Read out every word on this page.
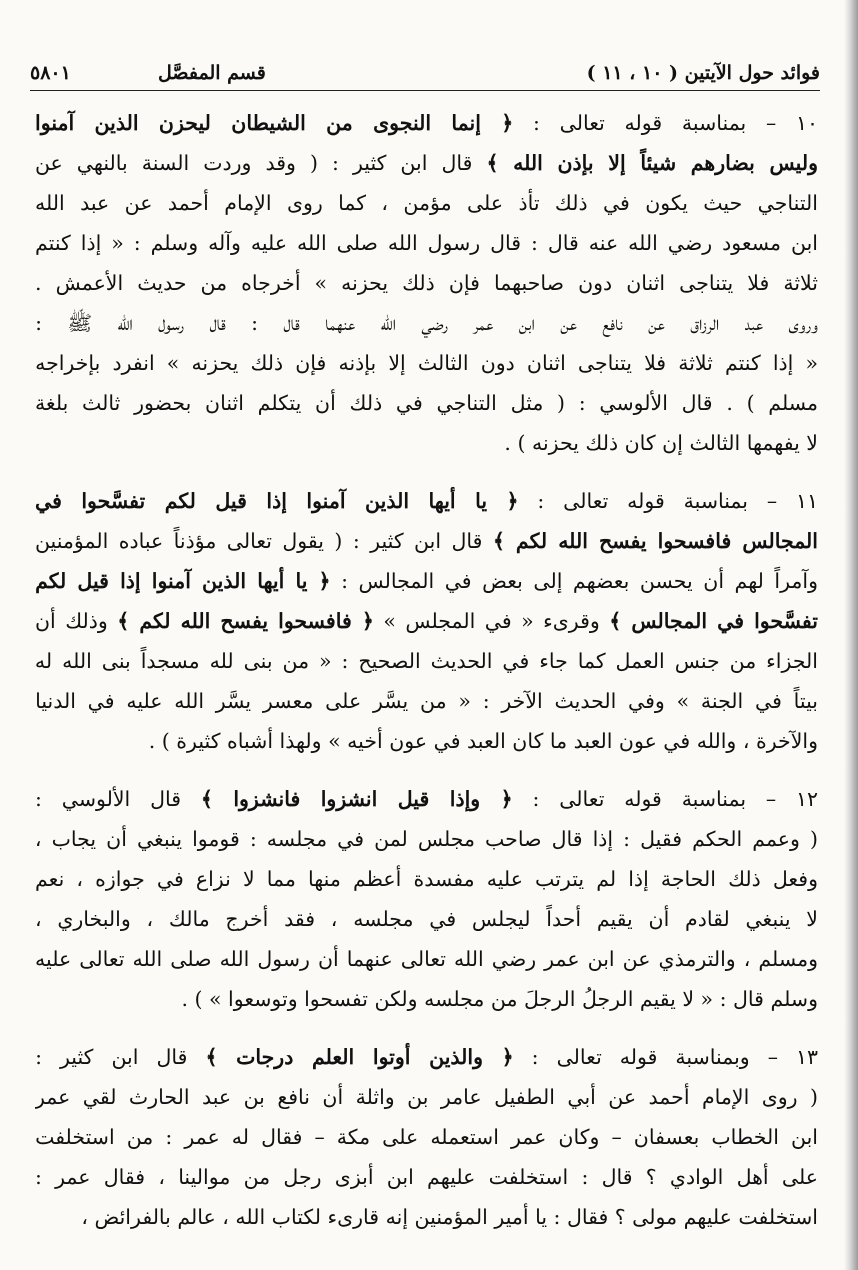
فوائد حول الآيتين ( ١٠ ، ١١ )
قسم المفصَّل
٥٨٠١
١٠ – بمناسبة قوله تعالى : ﴿ إنما النجوى من الشيطان ليحزن الذين آمنوا
وليس بضارهم شيئاً إلا بإذن الله ﴾ قال ابن كثير : ( وقد وردت السنة بالنهي عن
التناجي حيث يكون في ذلك تأذ على مؤمن ، كما روى الإمام أحمد عن عبد الله
ابن مسعود رضي الله عنه قال : قال رسول الله صلى الله عليه وآله وسلم : « إذا كنتم
ثلاثة فلا يتناجى اثنان دون صاحبهما فإن ذلك يحزنه » أخرجاه من حديث الأعمش .
وروى عبد الرزاق عن نافع عن ابن عمر رضي الله عنهما قال : قال رسول الله ﷺ :
« إذا كنتم ثلاثة فلا يتناجى اثنان دون الثالث إلا بإذنه فإن ذلك يحزنه » انفرد بإخراجه
مسلم ) . قال الألوسي : ( مثل التناجي في ذلك أن يتكلم اثنان بحضور ثالث بلغة
لا يفهمها الثالث إن كان ذلك يحزنه ) .
١١ – بمناسبة قوله تعالى : ﴿ يا أيها الذين آمنوا إذا قيل لكم تفسَّحوا في
المجالس فافسحوا يفسح الله لكم ﴾ قال ابن كثير : ( يقول تعالى مؤذناً عباده المؤمنين
وآمراً لهم أن يحسن بعضهم إلى بعض في المجالس : ﴿ يا أيها الذين آمنوا إذا قيل لكم
تفسَّحوا في المجالس ﴾ وقرىء « في المجلس » ﴿ فافسحوا يفسح الله لكم ﴾ وذلك أن
الجزاء من جنس العمل كما جاء في الحديث الصحيح : « من بنى لله مسجداً بنى الله له
بيتاً في الجنة » وفي الحديث الآخر : « من يسَّر على معسر يسَّر الله عليه في الدنيا
والآخرة ، والله في عون العبد ما كان العبد في عون أخيه » ولهذا أشباه كثيرة ) .
١٢ – بمناسبة قوله تعالى : ﴿ وإذا قيل انشزوا فانشزوا ﴾ قال الألوسي :
( وعمم الحكم فقيل : إذا قال صاحب مجلس لمن في مجلسه : قوموا ينبغي أن يجاب ،
وفعل ذلك الحاجة إذا لم يترتب عليه مفسدة أعظم منها مما لا نزاع في جوازه ، نعم
لا ينبغي لقادم أن يقيم أحداً ليجلس في مجلسه ، فقد أخرج مالك ، والبخاري ،
ومسلم ، والترمذي عن ابن عمر رضي الله تعالى عنهما أن رسول الله صلى الله تعالى عليه
وسلم قال : « لا يقيم الرجلُ الرجلَ من مجلسه ولكن تفسحوا وتوسعوا » ) .
١٣ – وبمناسبة قوله تعالى : ﴿ والذين أوتوا العلم درجات ﴾ قال ابن كثير :
( روى الإمام أحمد عن أبي الطفيل عامر بن واثلة أن نافع بن عبد الحارث لقي عمر
ابن الخطاب بعسفان – وكان عمر استعمله على مكة – فقال له عمر : من استخلفت
على أهل الوادي ؟ قال : استخلفت عليهم ابن أبزى رجل من موالينا ، فقال عمر :
استخلفت عليهم مولى ؟ فقال : يا أمير المؤمنين إنه قارىء لكتاب الله ، عالم بالفرائض ،
